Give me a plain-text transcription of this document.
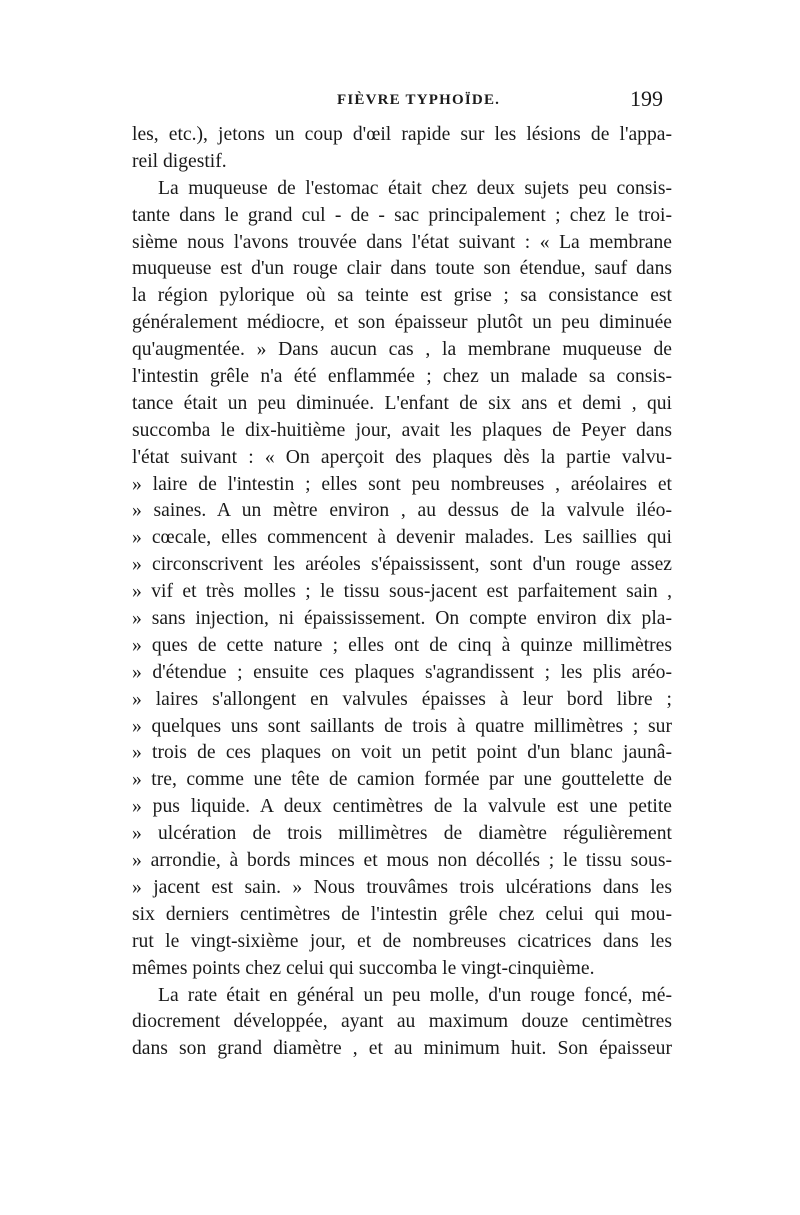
FIÈVRE TYPHOÏDE.	199
les, etc.), jetons un coup d'œil rapide sur les lésions de l'appa-
reil digestif.
La muqueuse de l'estomac était chez deux sujets peu consis-
tante dans le grand cul - de - sac principalement ; chez le troi-
sième nous l'avons trouvée dans l'état suivant : « La membrane
muqueuse est d'un rouge clair dans toute son étendue, sauf dans
la région pylorique où sa teinte est grise ; sa consistance est
généralement médiocre, et son épaisseur plutôt un peu diminuée
qu'augmentée. » Dans aucun cas , la membrane muqueuse de
l'intestin grêle n'a été enflammée ; chez un malade sa consis-
tance était un peu diminuée. L'enfant de six ans et demi , qui
succomba le dix-huitième jour, avait les plaques de Peyer dans
l'état suivant : « On aperçoit des plaques dès la partie valvu-
» laire de l'intestin ; elles sont peu nombreuses , aréolaires et
» saines. A un mètre environ , au dessus de la valvule iléo-
» cœcale, elles commencent à devenir malades. Les saillies qui
» circonscrivent les aréoles s'épaississent, sont d'un rouge assez
» vif et très molles ; le tissu sous-jacent est parfaitement sain ,
» sans injection, ni épaississement. On compte environ dix pla-
» ques de cette nature ; elles ont de cinq à quinze millimètres
» d'étendue ; ensuite ces plaques s'agrandissent ; les plis aréo-
» laires s'allongent en valvules épaisses à leur bord libre ;
» quelques uns sont saillants de trois à quatre millimètres ; sur
» trois de ces plaques on voit un petit point d'un blanc jaunâ-
» tre, comme une tête de camion formée par une gouttelette de
» pus liquide. A deux centimètres de la valvule est une petite
» ulcération de trois millimètres de diamètre régulièrement
» arrondie, à bords minces et mous non décollés ; le tissu sous-
» jacent est sain. » Nous trouvâmes trois ulcérations dans les
six derniers centimètres de l'intestin grêle chez celui qui mou-
rut le vingt-sixième jour, et de nombreuses cicatrices dans les
mêmes points chez celui qui succomba le vingt-cinquième.
La rate était en général un peu molle, d'un rouge foncé, mé-
diocrement développée, ayant au maximum douze centimètres
dans son grand diamètre , et au minimum huit. Son épaisseur
